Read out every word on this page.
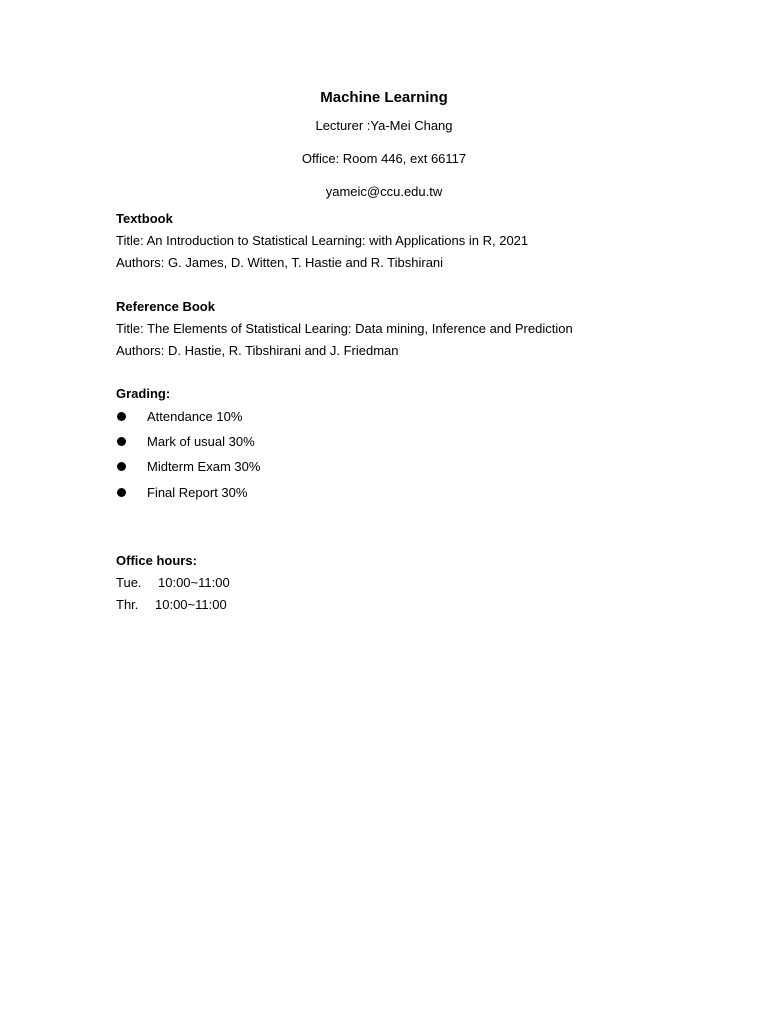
Machine Learning
Lecturer :Ya-Mei Chang
Office: Room 446, ext 66117
yameic@ccu.edu.tw
Textbook
Title: An Introduction to Statistical Learning: with Applications in R, 2021
Authors: G. James, D. Witten, T. Hastie and R. Tibshirani
Reference Book
Title: The Elements of Statistical Learing: Data mining, Inference and Prediction
Authors: D. Hastie, R. Tibshirani and J. Friedman
Grading:
Attendance 10%
Mark of usual 30%
Midterm Exam 30%
Final Report 30%
Office hours:
Tue. 10:00~11:00
Thr. 10:00~11:00
